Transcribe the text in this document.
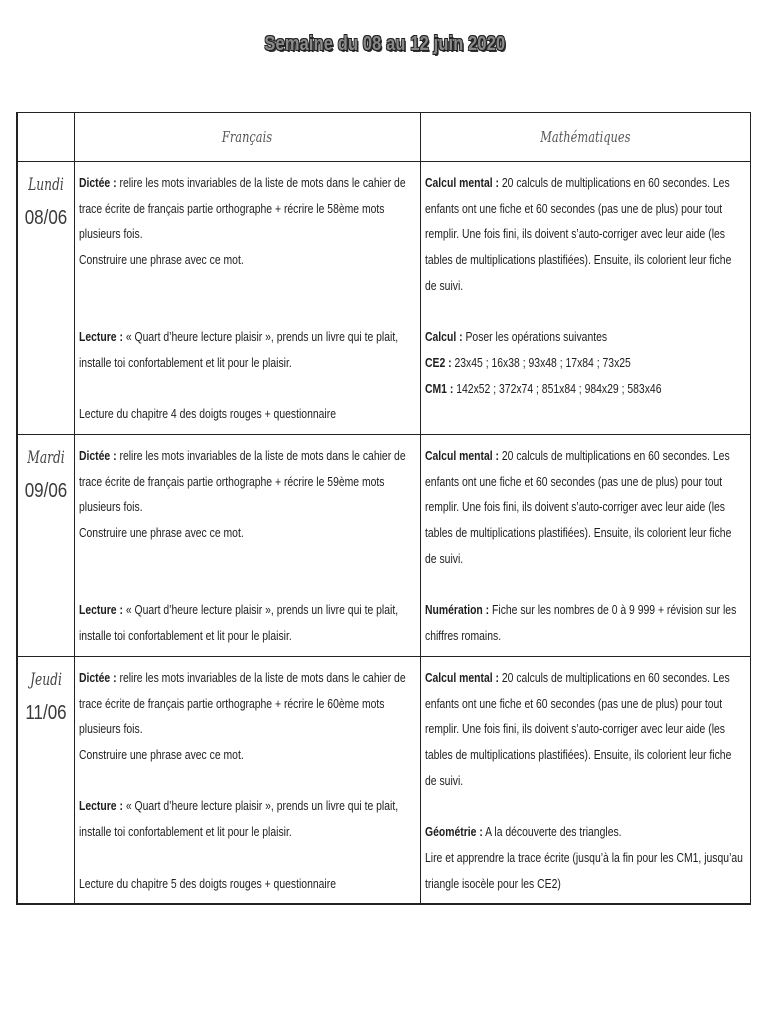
Semaine du 08 au 12 juin 2020
Français	Mathématiques
Lundi
08/06
Dictée : relire les mots invariables de la liste de mots dans le cahier de
trace écrite de français partie orthographe + récrire le 58ème mots
plusieurs fois.
Construire une phrase avec ce mot.
Lecture : « Quart d’heure lecture plaisir », prends un livre qui te plait,
installe toi confortablement et lit pour le plaisir.
Lecture du chapitre 4 des doigts rouges + questionnaire
Calcul mental : 20 calculs de multiplications en 60 secondes. Les
enfants ont une fiche et 60 secondes (pas une de plus) pour tout
remplir. Une fois fini, ils doivent s’auto-corriger avec leur aide (les
tables de multiplications plastifiées). Ensuite, ils colorient leur fiche
de suivi.
Calcul : Poser les opérations suivantes
CE2 : 23x45 ; 16x38 ; 93x48 ; 17x84 ; 73x25
CM1 : 142x52 ; 372x74 ; 851x84 ; 984x29 ; 583x46
Mardi
09/06
Dictée : relire les mots invariables de la liste de mots dans le cahier de
trace écrite de français partie orthographe + récrire le 59ème mots
plusieurs fois.
Construire une phrase avec ce mot.
Lecture : « Quart d’heure lecture plaisir », prends un livre qui te plait,
installe toi confortablement et lit pour le plaisir.
Calcul mental : 20 calculs de multiplications en 60 secondes. Les
enfants ont une fiche et 60 secondes (pas une de plus) pour tout
remplir. Une fois fini, ils doivent s’auto-corriger avec leur aide (les
tables de multiplications plastifiées). Ensuite, ils colorient leur fiche
de suivi.
Numération : Fiche sur les nombres de 0 à 9 999 + révision sur les
chiffres romains.
Jeudi
11/06
Dictée : relire les mots invariables de la liste de mots dans le cahier de
trace écrite de français partie orthographe + récrire le 60ème mots
plusieurs fois.
Construire une phrase avec ce mot.
Lecture : « Quart d’heure lecture plaisir », prends un livre qui te plait,
installe toi confortablement et lit pour le plaisir.
Lecture du chapitre 5 des doigts rouges + questionnaire
Calcul mental : 20 calculs de multiplications en 60 secondes. Les
enfants ont une fiche et 60 secondes (pas une de plus) pour tout
remplir. Une fois fini, ils doivent s’auto-corriger avec leur aide (les
tables de multiplications plastifiées). Ensuite, ils colorient leur fiche
de suivi.
Géométrie : A la découverte des triangles.
Lire et apprendre la trace écrite (jusqu’à la fin pour les CM1, jusqu’au
triangle isocèle pour les CE2)
